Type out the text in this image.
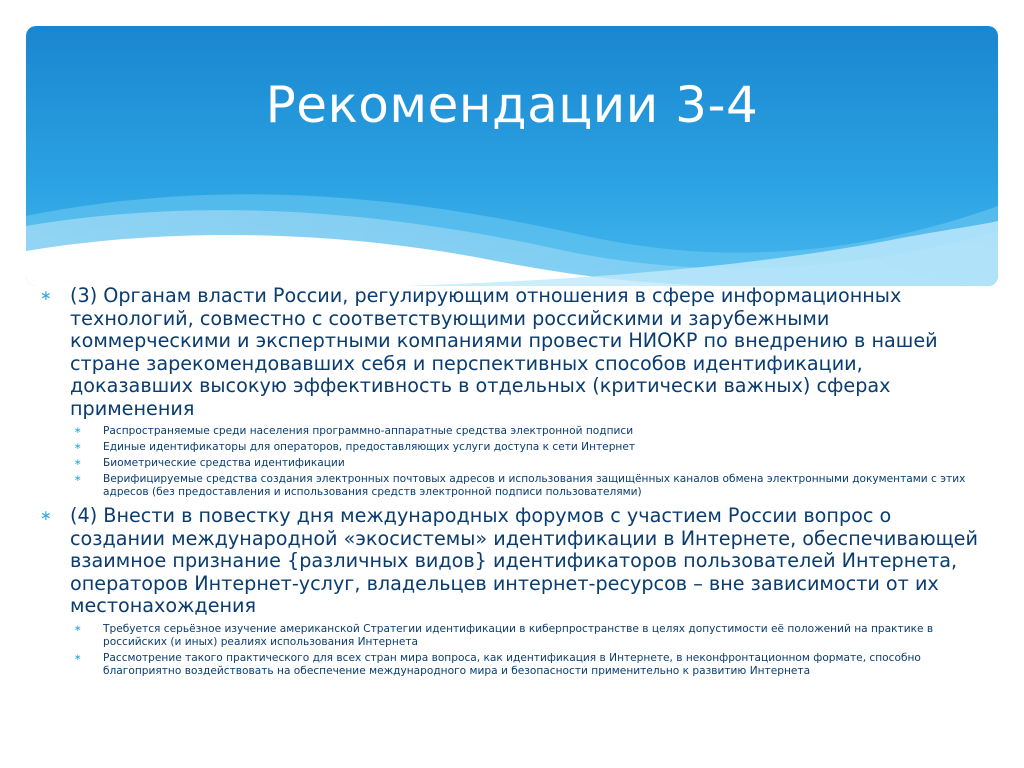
Рекомендации 3-4
∗ (3) Органам власти России, регулирующим отношения в сфере информационных технологий, совместно с соответствующими российскими и зарубежными коммерческими и экспертными компаниями провести НИОКР по внедрению в нашей стране зарекомендовавших себя и перспективных способов идентификации, доказавших высокую эффективность в отдельных (критически важных) сферах применения
∗ Распространяемые среди населения программно-аппаратные средства электронной подписи
∗ Единые идентификаторы для операторов, предоставляющих услуги доступа к сети Интернет
∗ Биометрические средства идентификации
∗ Верифицируемые средства создания электронных почтовых адресов и использования защищённых каналов обмена электронными документами с этих адресов (без предоставления и использования средств электронной подписи пользователями)
∗ (4) Внести в повестку дня международных форумов с участием России вопрос о создании международной «экосистемы» идентификации в Интернете, обеспечивающей взаимное признание {различных видов} идентификаторов пользователей Интернета, операторов Интернет-услуг, владельцев интернет-ресурсов – вне зависимости от их местонахождения
∗ Требуется серьёзное изучение американской Стратегии идентификации в киберпространстве в целях допустимости её положений на практике в российских (и иных) реалиях использования Интернета
∗ Рассмотрение такого практического для всех стран мира вопроса, как идентификация в Интернете, в неконфронтационном формате, способно благоприятно воздействовать на обеспечение международного мира и безопасности применительно к развитию Интернета
